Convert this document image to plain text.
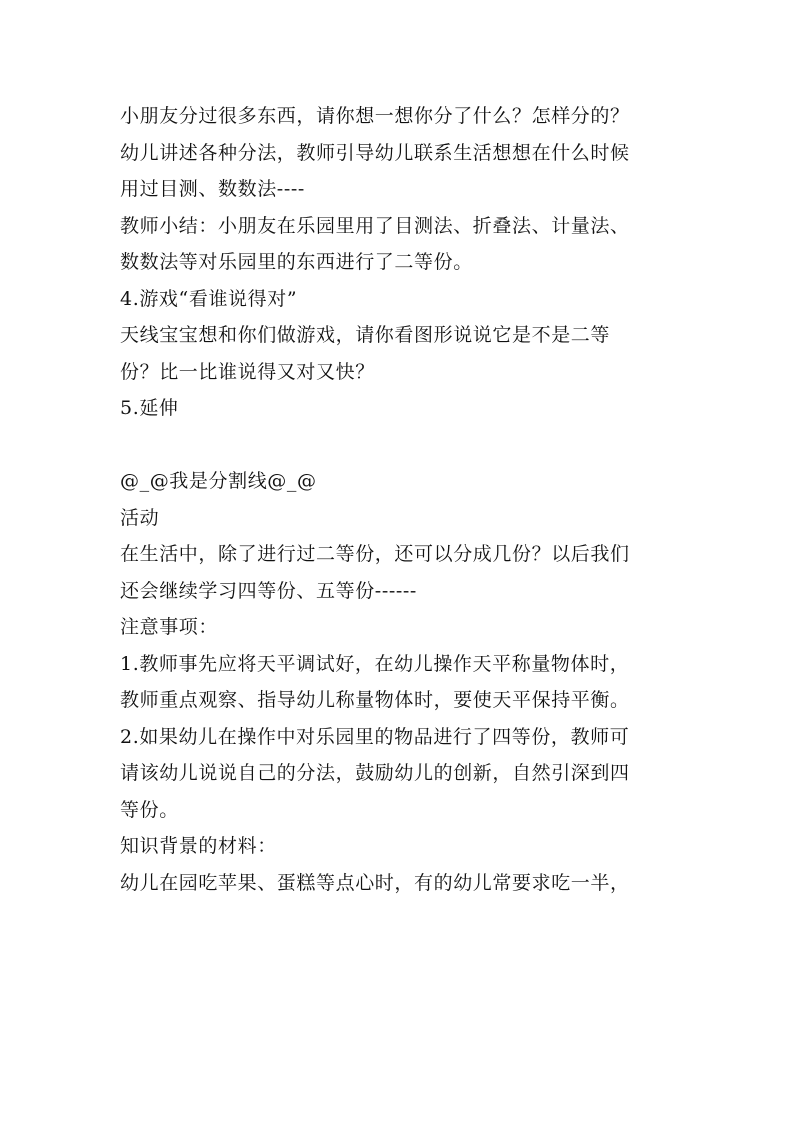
小朋友分过很多东西，请你想一想你分了什么？怎样分的？
幼儿讲述各种分法，教师引导幼儿联系生活想想在什么时候
用过目测、数数法----
教师小结：小朋友在乐园里用了目测法、折叠法、计量法、
数数法等对乐园里的东西进行了二等份。
4.游戏“看谁说得对”
天线宝宝想和你们做游戏，请你看图形说说它是不是二等
份？比一比谁说得又对又快？
5.延伸
@_@我是分割线@_@
活动
在生活中，除了进行过二等份，还可以分成几份？以后我们
还会继续学习四等份、五等份------
注意事项：
1.教师事先应将天平调试好，在幼儿操作天平称量物体时，
教师重点观察、指导幼儿称量物体时，要使天平保持平衡。
2.如果幼儿在操作中对乐园里的物品进行了四等份，教师可
请该幼儿说说自己的分法，鼓励幼儿的创新，自然引深到四
等份。
知识背景的材料：
幼儿在园吃苹果、蛋糕等点心时，有的幼儿常要求吃一半，
